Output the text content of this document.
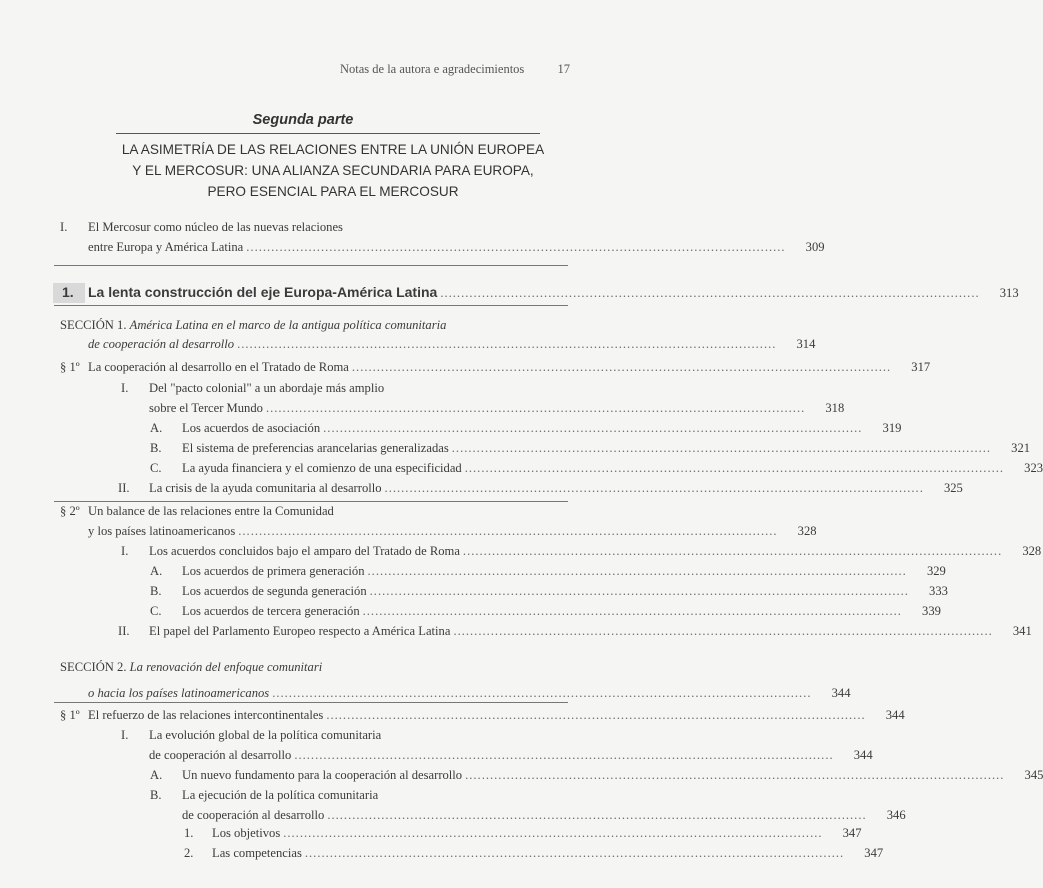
Notas de la autora e agradecimientos	17
Segunda parte
LA ASIMETRÍA DE LAS RELACIONES ENTRE LA UNIÓN EUROPEA
Y EL MERCOSUR: UNA ALIANZA SECUNDARIA PARA EUROPA,
PERO ESENCIAL PARA EL MERCOSUR
I. El Mercosur como núcleo de las nuevas relaciones
entre Europa y América Latina ..................................................................................................................................	309
1.	La lenta construcción del eje Europa-América Latina ..................................................................................................................................	313
SECCIÓN 1. América Latina en el marco de la antigua política comunitaria
de cooperación al desarrollo ..................................................................................................................................	314
§ 1º La cooperación al desarrollo en el Tratado de Roma ..................................................................................................................................	317
I. Del "pacto colonial" a un abordaje más amplio
sobre el Tercer Mundo ..................................................................................................................................	318
A. Los acuerdos de asociación ..................................................................................................................................	319
B. El sistema de preferencias arancelarias generalizadas ..................................................................................................................................	321
C. La ayuda financiera y el comienzo de una especificidad ..................................................................................................................................	323
II. La crisis de la ayuda comunitaria al desarrollo ..................................................................................................................................	325
§ 2º Un balance de las relaciones entre la Comunidad
y los países latinoamericanos ..................................................................................................................................	328
I. Los acuerdos concluidos bajo el amparo del Tratado de Roma ..................................................................................................................................	328
A. Los acuerdos de primera generación ..................................................................................................................................	329
B. Los acuerdos de segunda generación ..................................................................................................................................	333
C. Los acuerdos de tercera generación ..................................................................................................................................	339
II. El papel del Parlamento Europeo respecto a América Latina ..................................................................................................................................	341
SECCIÓN 2. La renovación del enfoque comunitari
o hacia los países latinoamericanos ..................................................................................................................................	344
§ 1º El refuerzo de las relaciones intercontinentales ..................................................................................................................................	344
I. La evolución global de la política comunitaria
de cooperación al desarrollo ..................................................................................................................................	344
A. Un nuevo fundamento para la cooperación al desarrollo ..................................................................................................................................	345
B. La ejecución de la política comunitaria
de cooperación al desarrollo ..................................................................................................................................	346
1. Los objetivos ..................................................................................................................................	347
2. Las competencias ..................................................................................................................................	347
